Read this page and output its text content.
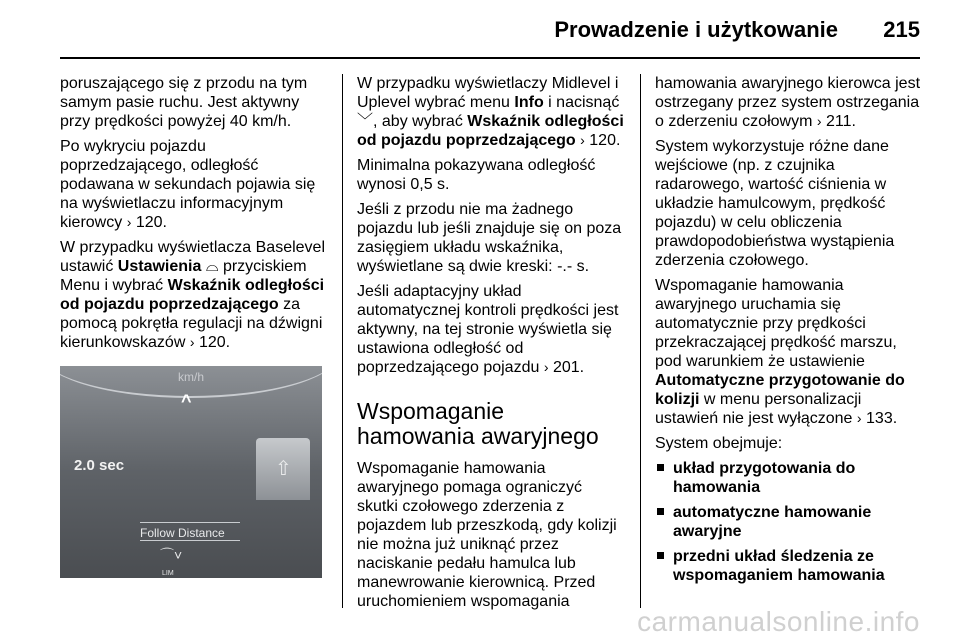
Prowadzenie i użytkowanie 215

poruszającego się z przodu na tym samym pasie ruchu. Jest aktywny przy prędkości powyżej 40 km/h.

Po wykryciu pojazdu poprzedzającego, odległość podawana w sekundach pojawia się na wyświetlaczu informacyjnym kierowcy › 120.

W przypadku wyświetlacza Baselevel ustawić Ustawienia ⌓ przyciskiem Menu i wybrać Wskaźnik odległości od pojazdu poprzedzającego za pomocą pokrętła regulacji na dźwigni kierunkowskazów › 120.

km/h
^
2.0 sec	⇧
Follow Distance
⌒˅
LIM

W przypadku wyświetlaczy Midlevel i Uplevel wybrać menu Info i nacisnąć ﹀, aby wybrać Wskaźnik odległości od pojazdu poprzedzającego › 120.

Minimalna pokazywana odległość wynosi 0,5 s.

Jeśli z przodu nie ma żadnego pojazdu lub jeśli znajduje się on poza zasięgiem układu wskaźnika, wyświetlane są dwie kreski: -.- s.

Jeśli adaptacyjny układ automatycznej kontroli prędkości jest aktywny, na tej stronie wyświetla się ustawiona odległość od poprzedzającego pojazdu › 201.

Wspomaganie hamowania awaryjnego

Wspomaganie hamowania awaryjnego pomaga ograniczyć skutki czołowego zderzenia z pojazdem lub przeszkodą, gdy kolizji nie można już uniknąć przez naciskanie pedału hamulca lub manewrowanie kierownicą. Przed uruchomieniem wspomagania

hamowania awaryjnego kierowca jest ostrzegany przez system ostrzegania o zderzeniu czołowym › 211.

System wykorzystuje różne dane wejściowe (np. z czujnika radarowego, wartość ciśnienia w układzie hamulcowym, prędkość pojazdu) w celu obliczenia prawdopodobieństwa wystąpienia zderzenia czołowego.

Wspomaganie hamowania awaryjnego uruchamia się automatycznie przy prędkości przekraczającej prędkość marszu, pod warunkiem że ustawienie Automatyczne przygotowanie do kolizji w menu personalizacji ustawień nie jest wyłączone › 133.

System obejmuje:

układ przygotowania do hamowania
automatyczne hamowanie awaryjne
przedni układ śledzenia ze wspomaganiem hamowania
carmanualsonline.info
